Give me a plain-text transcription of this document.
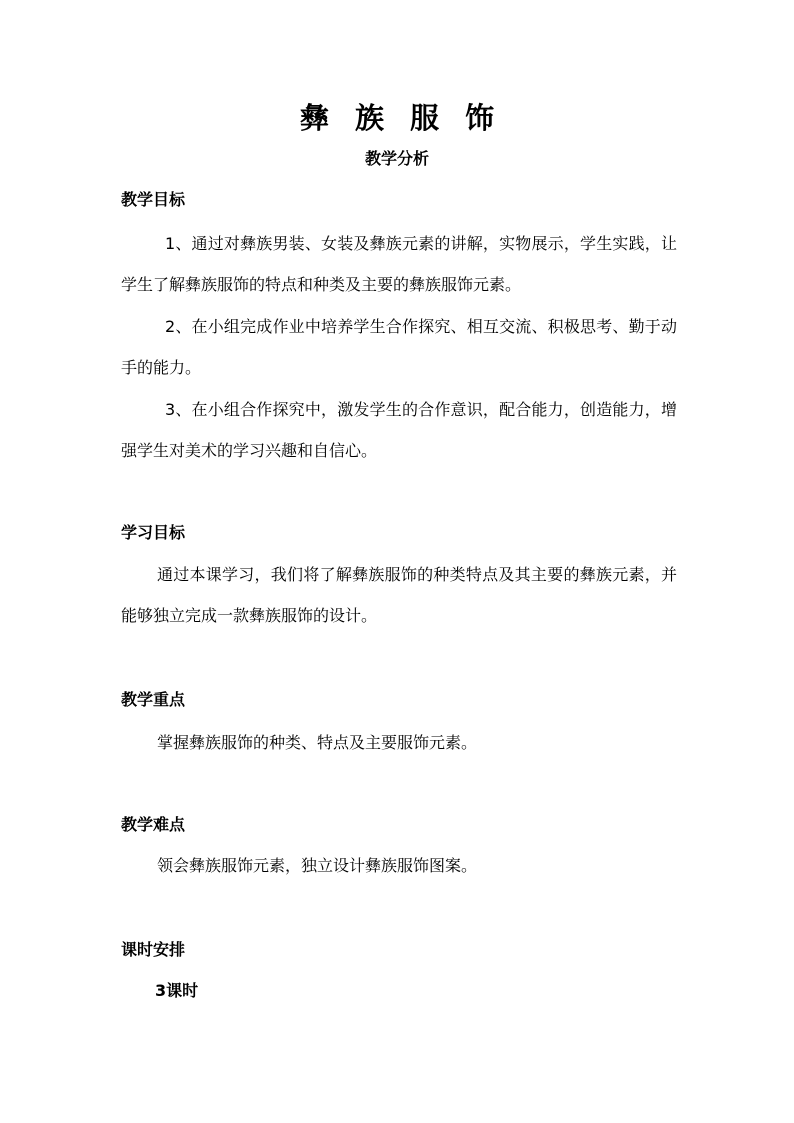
彝族服饰
教学分析
教学目标
1、通过对彝族男装、女装及彝族元素的讲解，实物展示，学生实践，让学生了解彝族服饰的特点和种类及主要的彝族服饰元素。
2、在小组完成作业中培养学生合作探究、相互交流、积极思考、勤于动手的能力。
3、在小组合作探究中，激发学生的合作意识，配合能力，创造能力，增强学生对美术的学习兴趣和自信心。
学习目标
通过本课学习，我们将了解彝族服饰的种类特点及其主要的彝族元素，并能够独立完成一款彝族服饰的设计。
教学重点
掌握彝族服饰的种类、特点及主要服饰元素。
教学难点
领会彝族服饰元素，独立设计彝族服饰图案。
课时安排
3课时
